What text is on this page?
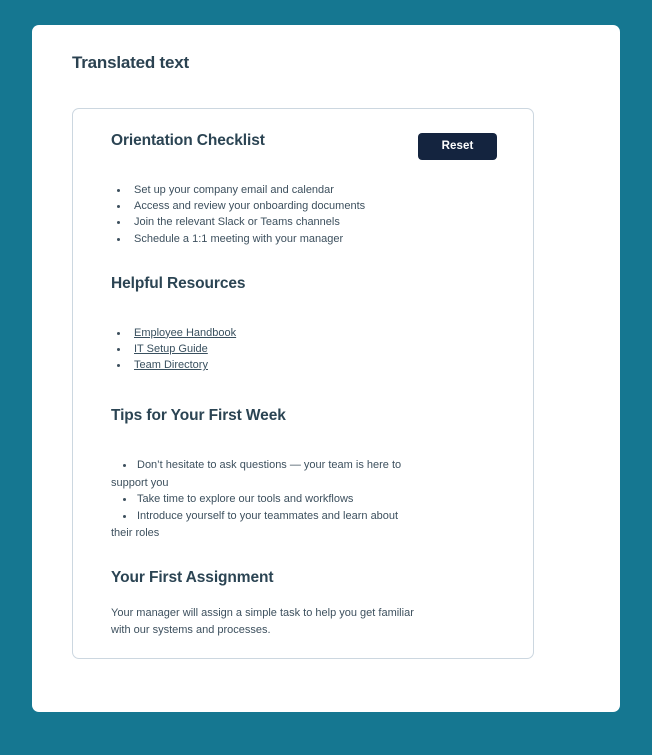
Translated text
Reset
Orientation Checklist
• Set up your company email and calendar
• Access and review your onboarding documents
• Join the relevant Slack or Teams channels
• Schedule a 1:1 meeting with your manager
Helpful Resources
• Employee Handbook
• IT Setup Guide
• Team Directory
Tips for Your First Week
• Don’t hesitate to ask questions — your team is here to support you
• Take time to explore our tools and workflows
• Introduce yourself to your teammates and learn about their roles
Your First Assignment

Your manager will assign a simple task to help you get familiar with our systems and processes.
